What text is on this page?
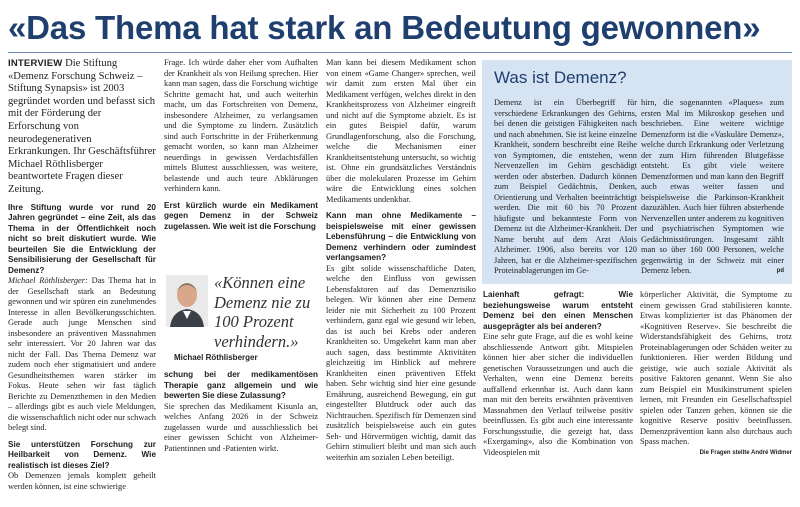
«Das Thema hat stark an Bedeutung gewonnen»

INTERVIEW Die Stiftung «Demenz Forschung Schweiz – Stiftung Synapsis» ist 2003 gegründet worden und befasst sich mit der Förderung der Erforschung von neurodegenerativen Erkrankungen. Ihr Geschäftsführer Michael Röthlisberger beantwortete Fragen dieser Zeitung.

Ihre Stiftung wurde vor rund 20 Jahren gegründet – eine Zeit, als das Thema in der Öffentlichkeit noch nicht so breit diskutiert wurde. Wie beurteilen Sie die Entwicklung der Sensibilisierung der Gesellschaft für Demenz?

Michael Röthlisberger: Das Thema hat in der Gesellschaft stark an Bedeutung gewonnen und wir spüren ein zunehmendes Interesse in allen Bevölkerungsschichten. Gerade auch junge Menschen sind insbesondere an präventiven Massnahmen sehr interessiert. Vor 20 Jahren war das nicht der Fall. Das Thema Demenz war zudem noch eher stigmatisiert und andere Gesundheitsthemen waren stärker im Fokus. Heute sehen wir fast täglich Berichte zu Demenzthemen in den Medien – allerdings gibt es auch viele Meldungen, die wissenschaftlich nicht oder nur schwach belegt sind.

Sie unterstützen Forschung zur Heilbarkeit von Demenz. Wie realistisch ist dieses Ziel?

Ob Demenzen jemals komplett geheilt werden können, ist eine schwierige

Frage. Ich würde daher eher vom Aufhalten der Krankheit als von Heilung sprechen. Hier kann man sagen, dass die Forschung wichtige Schritte gemacht hat, und auch weiterhin macht, um das Fortschreiten von Demenz, insbesondere Alzheimer, zu verlangsamen und die Symptome zu lindern. Zusätzlich sind auch Fortschritte in der Früherkennung gemacht worden, so kann man Alzheimer neuerdings in gewissen Verdachtsfällen mittels Bluttest ausschliessen, was weitere, belastende und auch teure Abklärungen verhindern kann.

Erst kürzlich wurde ein Medikament gegen Demenz in der Schweiz zugelassen. Wie weit ist die Forschung

«Können eine Demenz nie zu 100 Prozent verhindern.»
Michael Röthlisberger

schung bei der medikamentösen Therapie ganz allgemein und wie bewerten Sie diese Zulassung?

Sie sprechen das Medikament Kisunla an, welches Anfang 2026 in der Schweiz zugelassen wurde und ausschliesslich bei einer gewissen Schicht von Alzheimer-Patientinnen und -Patienten wirkt.

Man kann bei diesem Medikament schon von einem «Game Changer» sprechen, weil wir damit zum ersten Mal über ein Medikament verfügen, welches direkt in den Krankheitsprozess von Alzheimer eingreift und nicht auf die Symptome abzielt. Es ist ein gutes Beispiel dafür, warum Grundlagenforschung, also die Forschung, welche die Mechanismen einer Krankheitsentstehung untersucht, so wichtig ist. Ohne ein grundsätzliches Verständnis über die molekularen Prozesse im Gehirn wäre die Entwicklung eines solchen Medikaments undenkbar.

Kann man ohne Medikamente – beispielsweise mit einer gewissen Lebensführung – die Entwicklung von Demenz verhindern oder zumindest verlangsamen?

Es gibt solide wissenschaftliche Daten, welche den Einfluss von gewissen Lebensfaktoren auf das Demenzrisiko belegen. Wir können aber eine Demenz leider nie mit Sicherheit zu 100 Prozent verhindern, ganz egal wie gesund wir leben, das ist auch bei Krebs oder anderen Krankheiten so. Umgekehrt kann man aber auch sagen, dass bestimmte Aktivitäten gleichzeitig im Hinblick auf mehrere Krankheiten einen präventiven Effekt haben. Sehr wichtig sind hier eine gesunde Ernährung, ausreichend Bewegung, ein gut eingestellter Blutdruck oder auch das Nichtrauchen. Spezifisch für Demenzen sind zusätzlich beispielsweise auch ein gutes Seh- und Hörvermögen wichtig, damit das Gehirn stimuliert bleibt und man sich auch weiterhin am sozialen Leben beteiligt.

Was ist Demenz?
Demenz ist ein Überbegriff für verschiedene Erkrankungen des Gehirns, bei denen die geistigen Fähigkeiten nach und nach abnehmen. Sie ist keine einzelne Krankheit, sondern beschreibt eine Reihe von Symptomen, die entstehen, wenn Nervenzellen im Gehirn geschädigt werden oder absterben. Dadurch können zum Beispiel Gedächtnis, Denken, Orientierung und Verhalten beeinträchtigt werden. Die mit 60 bis 70 Prozent häufigste und bekannteste Form von Demenz ist die Alzheimer-Krankheit. Der Name beruht auf dem Arzt Alois Alzheimer. 1906, also bereits vor 120 Jahren, hat er die Alzheimer-spezifischen Proteinablagerungen im Ge-
hirn, die sogenannten «Plaques» zum ersten Mal im Mikroskop gesehen und beschrieben. Eine weitere wichtige Demenzform ist die «Vaskuläre Demenz», welche durch Erkrankung oder Verletzung der zum Hirn führenden Blutgefässe entsteht. Es gibt viele weitere Demenzformen und man kann den Begriff auch etwas weiter fassen und beispielsweise die Parkinson-Krankheit dazuzählen. Auch hier führen absterbende Nervenzellen unter anderem zu kognitiven und psychiatrischen Symptomen wie Gedächtnisstörungen. Insgesamt zählt man so über 160 000 Personen, welche gegenwärtig in der Schweiz mit einer Demenz leben.	pd

Laienhaft gefragt: Wie beziehungsweise warum entsteht Demenz bei den einen Menschen ausgeprägter als bei anderen?

Eine sehr gute Frage, auf die es wohl keine abschliessende Antwort gibt. Mitspielen können hier aber sicher die individuellen genetischen Voraussetzungen und auch die Verhalten, wenn eine Demenz bereits auffallend erkennbar ist. Auch dann kann man mit den bereits erwähnten präventiven Massnahmen den Verlauf teilweise positiv beeinflussen. Es gibt auch eine interessante Forschungsstudie, die gezeigt hat, dass «Exergaming», also die Kombination von Videospielen mit

körperlicher Aktivität, die Symptome zu einem gewissen Grad stabilisieren konnte. Etwas komplizierter ist das Phänomen der «Kognitiven Reserve». Sie beschreibt die Widerstandsfähigkeit des Gehirns, trotz Proteinablagerungen oder Schäden weiter zu funktionieren. Hier werden Bildung und geistige, wie auch soziale Aktivität als positive Faktoren genannt. Wenn Sie also zum Beispiel ein Musikinstrument spielen lernen, mit Freunden ein Gesellschaftsspiel spielen oder Tanzen gehen, können sie die kognitive Reserve positiv beeinflussen. Demenzprävention kann also durchaus auch Spass machen.

Die Fragen stellte André Widmer
